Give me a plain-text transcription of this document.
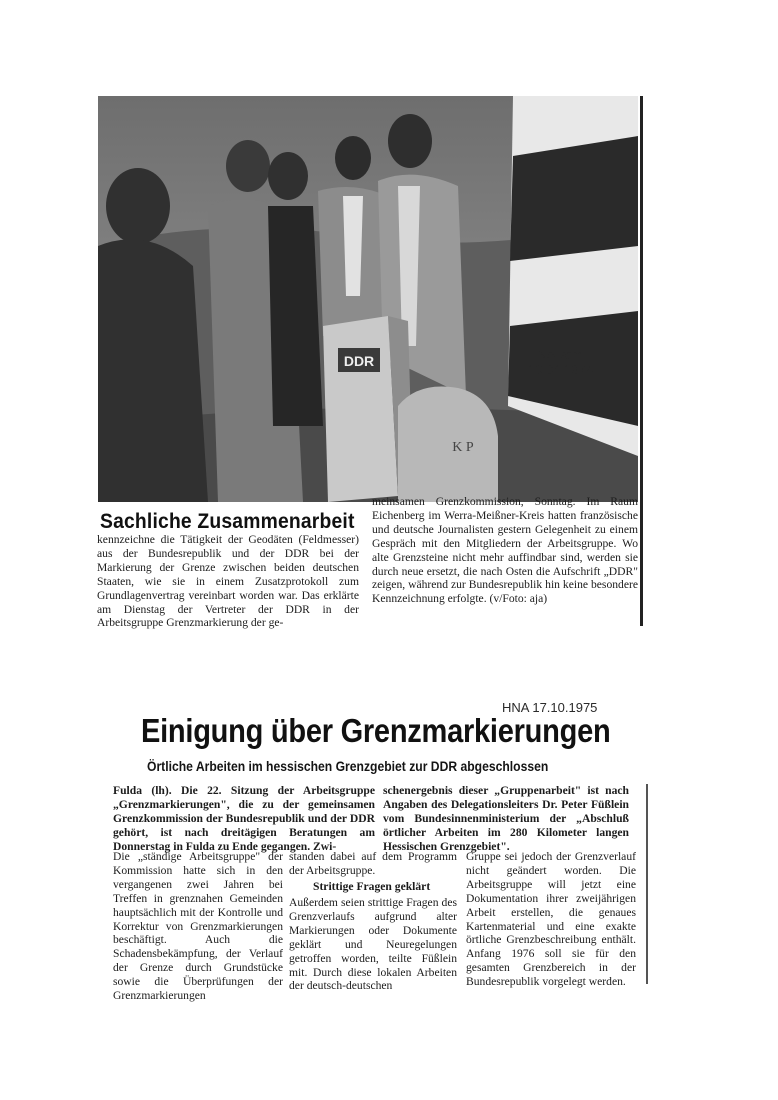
DDR
K P
HNA vom
10.04.1974
Sachliche Zusammenarbeit
kennzeichne die Tätigkeit der Geodäten (Feldmesser) aus der Bundesrepublik und der DDR bei der Markierung der Grenze zwischen beiden deutschen Staaten, wie sie in einem Zusatzprotokoll zum Grundlagenvertrag vereinbart worden war. Das erklärte am Dienstag der Vertreter der DDR in der Arbeitsgruppe Grenzmarkierung der ge-
meinsamen Grenzkommission, Sonntag. Im Raum Eichenberg im Werra-Meißner-Kreis hatten französische und deutsche Journalisten gestern Gelegenheit zu einem Gespräch mit den Mitgliedern der Arbeitsgruppe. Wo alte Grenzsteine nicht mehr auffindbar sind, werden sie durch neue ersetzt, die nach Osten die Aufschrift „DDR" zeigen, während zur Bundesrepublik hin keine besondere Kennzeichnung erfolgte. (v/Foto: aja)
HNA 17.10.1975
Einigung über Grenzmarkierungen
Örtliche Arbeiten im hessischen Grenzgebiet zur DDR abgeschlossen
Fulda (lh). Die 22. Sitzung der Arbeitsgruppe „Grenzmarkierungen", die zu der gemeinsamen Grenzkommission der Bundesrepublik und der DDR gehört, ist nach dreitägigen Beratungen am Donnerstag in Fulda zu Ende gegangen. Zwi-
schenergebnis dieser „Gruppenarbeit" ist nach Angaben des Delegationsleiters Dr. Peter Füßlein vom Bundesinnenministerium der „Abschluß örtlicher Arbeiten im 280 Kilometer langen Hessischen Grenzgebiet".
Die „ständige Arbeitsgruppe" der Kommission hatte sich in den vergangenen zwei Jahren bei Treffen in grenznahen Gemeinden hauptsächlich mit der Kontrolle und Korrektur von Grenzmarkierungen beschäftigt. Auch die Schadensbekämpfung, der Verlauf der Grenze durch Grundstücke sowie die Überprüfungen der Grenzmarkierungen
standen dabei auf dem Programm der Arbeitsgruppe.
Strittige Fragen geklärt
Außerdem seien strittige Fragen des Grenzverlaufs aufgrund alter Markierungen oder Dokumente geklärt und Neuregelungen getroffen worden, teilte Füßlein mit. Durch diese lokalen Arbeiten der deutsch-deutschen
Gruppe sei jedoch der Grenzverlauf nicht geändert worden. Die Arbeitsgruppe will jetzt eine Dokumentation ihrer zweijährigen Arbeit erstellen, die genaues Kartenmaterial und eine exakte örtliche Grenzbeschreibung enthält. Anfang 1976 soll sie für den gesamten Grenzbereich in der Bundesrepublik vorgelegt werden.
